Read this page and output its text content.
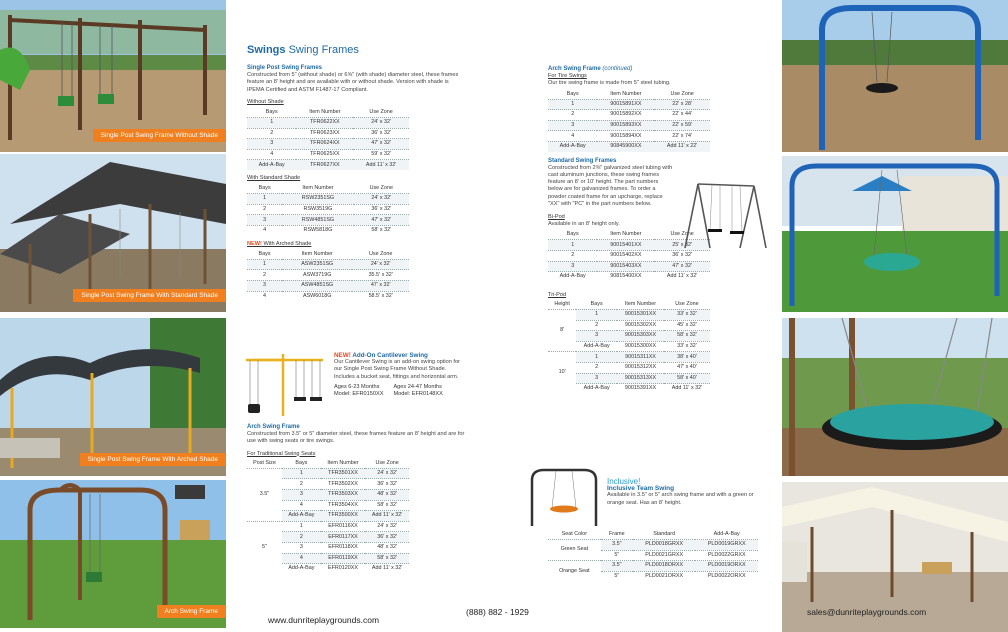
Single Post Swing Frame Without Shade
Single Post Swing Frame With Standard Shade
Single Post Swing Frame With Arched Shade
Arch Swing Frame
Swings Swing Frames
Single Post Swing Frames
Constructed from 5" (without shade) or 6⅝" (with shade) diameter steel, these frames feature an 8' height and are available with or without shade. Version with shade is IPEMA Certified and ASTM F1487-17 Compliant.
Without Shade
Bays	Item Number	Use Zone
1	TFR0622XX	24' x 32'
2	TFR0623XX	36' x 32'
3	TFR0624XX	47' x 32'
4	TFR0625XX	59' x 32'
Add-A-Bay	TFR0627XX	Add 11' x 32'
With Standard Shade
Bays	Item Number	Use Zone
1	RSW2351SG	24' x 32'
2	RSW3519G	36' x 32'
3	RSW4851SG	47' x 32'
4	RSW5818G	58' x 32'
NEW! With Arched Shade
Bays	Item Number	Use Zone
1	ASW2351SG	24' x 32'
2	ASW3719G	35.5' x 32'
3	ASW4851SG	47' x 32'
4	ASW6018G	58.5' x 32'
NEW! Add-On Cantilever Swing
Our Cantilever Swing is an add-on swing option for our Single Post Swing Frame Without Shade. Includes a bucket seat, fittings and horizontal arm.
Ages 6-23 Months
Model: EFR0150XX
Ages 24-47 Months
Model: EFR0148XX
Arch Swing Frame
Constructed from 3.5" or 5" diameter steel, these frames feature an 8' height and are for use with swing seats or tire swings.
For Traditional Swing Seats
Post Size	Bays	Item Number	Use Zone
3.5"	1	TFR3501XX	24' x 32'
	2	TFR3502XX	36' x 32'
	3	TFR3503XX	48' x 32'
	4	TFR3504XX	58' x 32'
	Add-A-Bay	TFR3500XX	Add 11' x 32'
5"	1	EFR0116XX	24' x 32'
	2	EFR0117XX	36' x 32'
	3	EFR0118XX	48' x 32'
	4	EFR0119XX	58' x 32'
	Add-A-Bay	EFR0120XX	Add 11' x 32'
Arch Swing Frame (continued)
For Tire Swings
Our tire swing frame is made from 5" steel tubing.
Bays	Item Number	Use Zone
1	90015891XX	22' x 28'
2	90015892XX	22' x 44'
3	90015893XX	22' x 59'
4	90015894XX	22' x 74'
Add-A-Bay	90845900XX	Add 11' x 22'
Standard Swing Frames
Constructed from 2⅜" galvanized steel tubing with cast aluminum junctions, these swing frames feature an 8' or 10' height. The part numbers below are for galvanized frames. To order a powder coated frame for an upcharge, replace "XX" with "PC" in the part numbers below.
Bi-Pod
Available in an 8' height only.
Bays	Item Number	Use Zone
1	90015401XX	25' x 32'
2	90015402XX	36' x 32'
3	90015403XX	47' x 32'
Add-A-Bay	90815400XX	Add 11' x 32'
Tri-Pod
Height	Bays	Item Number	Use Zone
8'	1	90015301XX	33' x 32'
	2	90015302XX	45' x 32'
	3	90015303XX	58' x 32'
	Add-A-Bay	90015300XX	33' x 32'
10'	1	90015311XX	38' x 40'
	2	90015312XX	47' x 40'
	3	90015313XX	58' x 40'
	Add-A-Bay	90015391XX	Add 11' x 32'
Inclusive!
Inclusive Team Swing
Available in 3.5" or 5" arch swing frame and with a green or orange seat. Has an 8' height.
Seat Color	Frame	Standard	Add-A-Bay
Green Seat	3.5"	PLD0018GRXX	PLD0019GRXX
	5"	PLD0021GRXX	PLD0022GRXX
Orange Seat	3.5"	PLD0018ORXX	PLD0019ORXX
	5"	PLD0021ORXX	PLD0022ORXX
www.dunriteplaygrounds.com
(888) 882 - 1929	sales@dunriteplaygrounds.com
